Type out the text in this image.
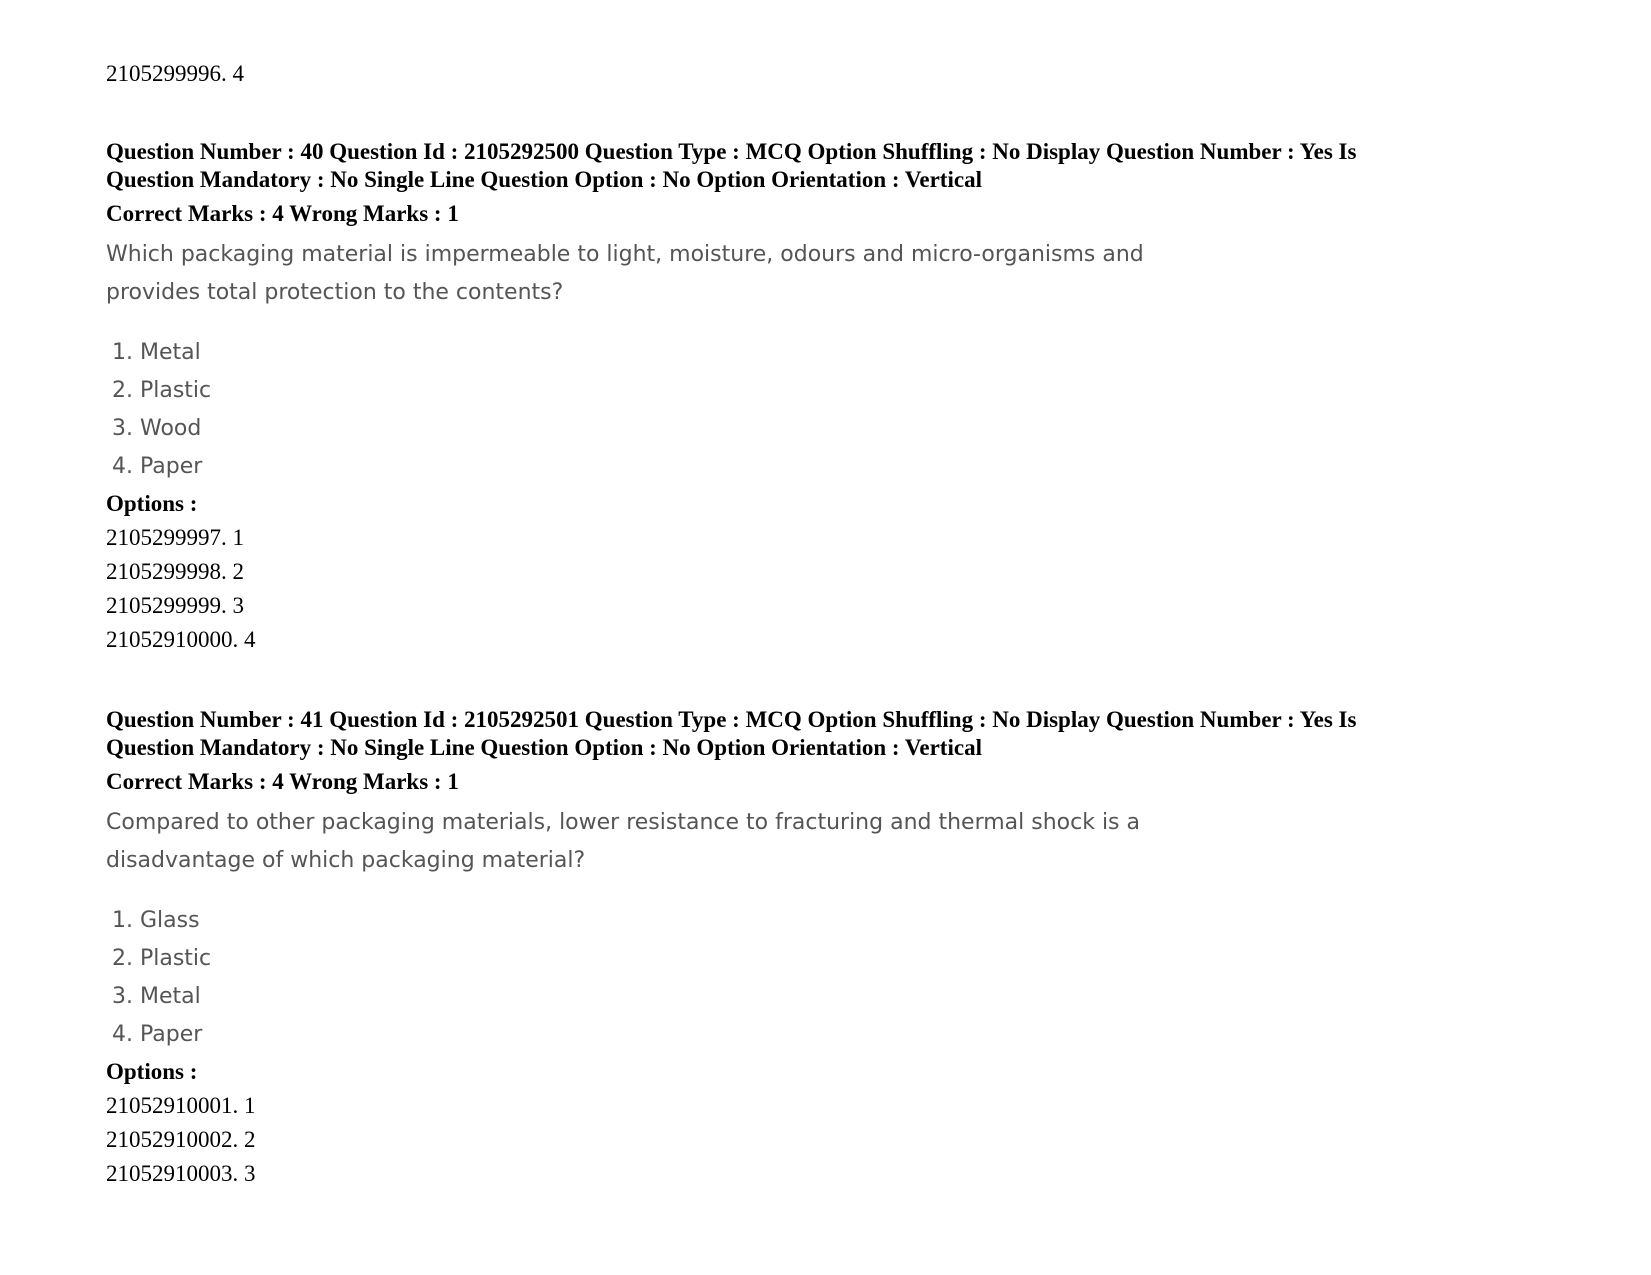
2105299996. 4
Question Number : 40 Question Id : 2105292500 Question Type : MCQ Option Shuffling : No Display Question Number : Yes Is
Question Mandatory : No Single Line Question Option : No Option Orientation : Vertical
Correct Marks : 4 Wrong Marks : 1
Which packaging material is impermeable to light, moisture, odours and micro-organisms and
provides total protection to the contents?
1. Metal
2. Plastic
3. Wood
4. Paper
Options :
2105299997. 1
2105299998. 2
2105299999. 3
21052910000. 4
Question Number : 41 Question Id : 2105292501 Question Type : MCQ Option Shuffling : No Display Question Number : Yes Is
Question Mandatory : No Single Line Question Option : No Option Orientation : Vertical
Correct Marks : 4 Wrong Marks : 1
Compared to other packaging materials, lower resistance to fracturing and thermal shock is a
disadvantage of which packaging material?
1. Glass
2. Plastic
3. Metal
4. Paper
Options :
21052910001. 1
21052910002. 2
21052910003. 3
